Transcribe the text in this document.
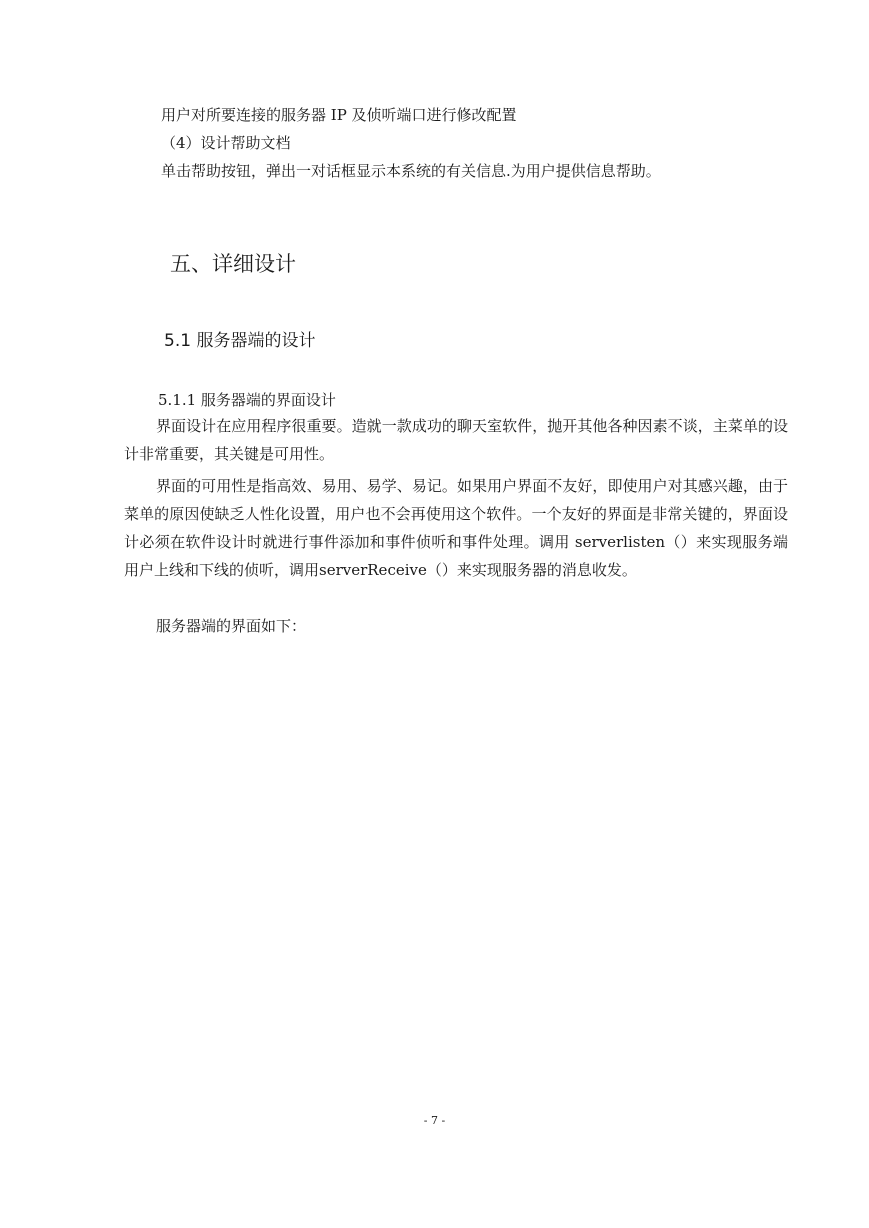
用户对所要连接的服务器 IP 及侦听端口进行修改配置
（4）设计帮助文档
单击帮助按钮，弹出一对话框显示本系统的有关信息.为用户提供信息帮助。
五、详细设计
5.1 服务器端的设计
5.1.1 服务器端的界面设计

界面设计在应用程序很重要。造就一款成功的聊天室软件，抛开其他各种因素不谈，主菜单的设计非常重要，其关键是可用性。

界面的可用性是指高效、易用、易学、易记。如果用户界面不友好，即使用户对其感兴趣，由于菜单的原因使缺乏人性化设置，用户也不会再使用这个软件。一个友好的界面是非常关键的，界面设计必须在软件设计时就进行事件添加和事件侦听和事件处理。调用 serverlisten（）来实现服务端用户上线和下线的侦听，调用serverReceive（）来实现服务器的消息收发。

服务器端的界面如下：

- 7 -
